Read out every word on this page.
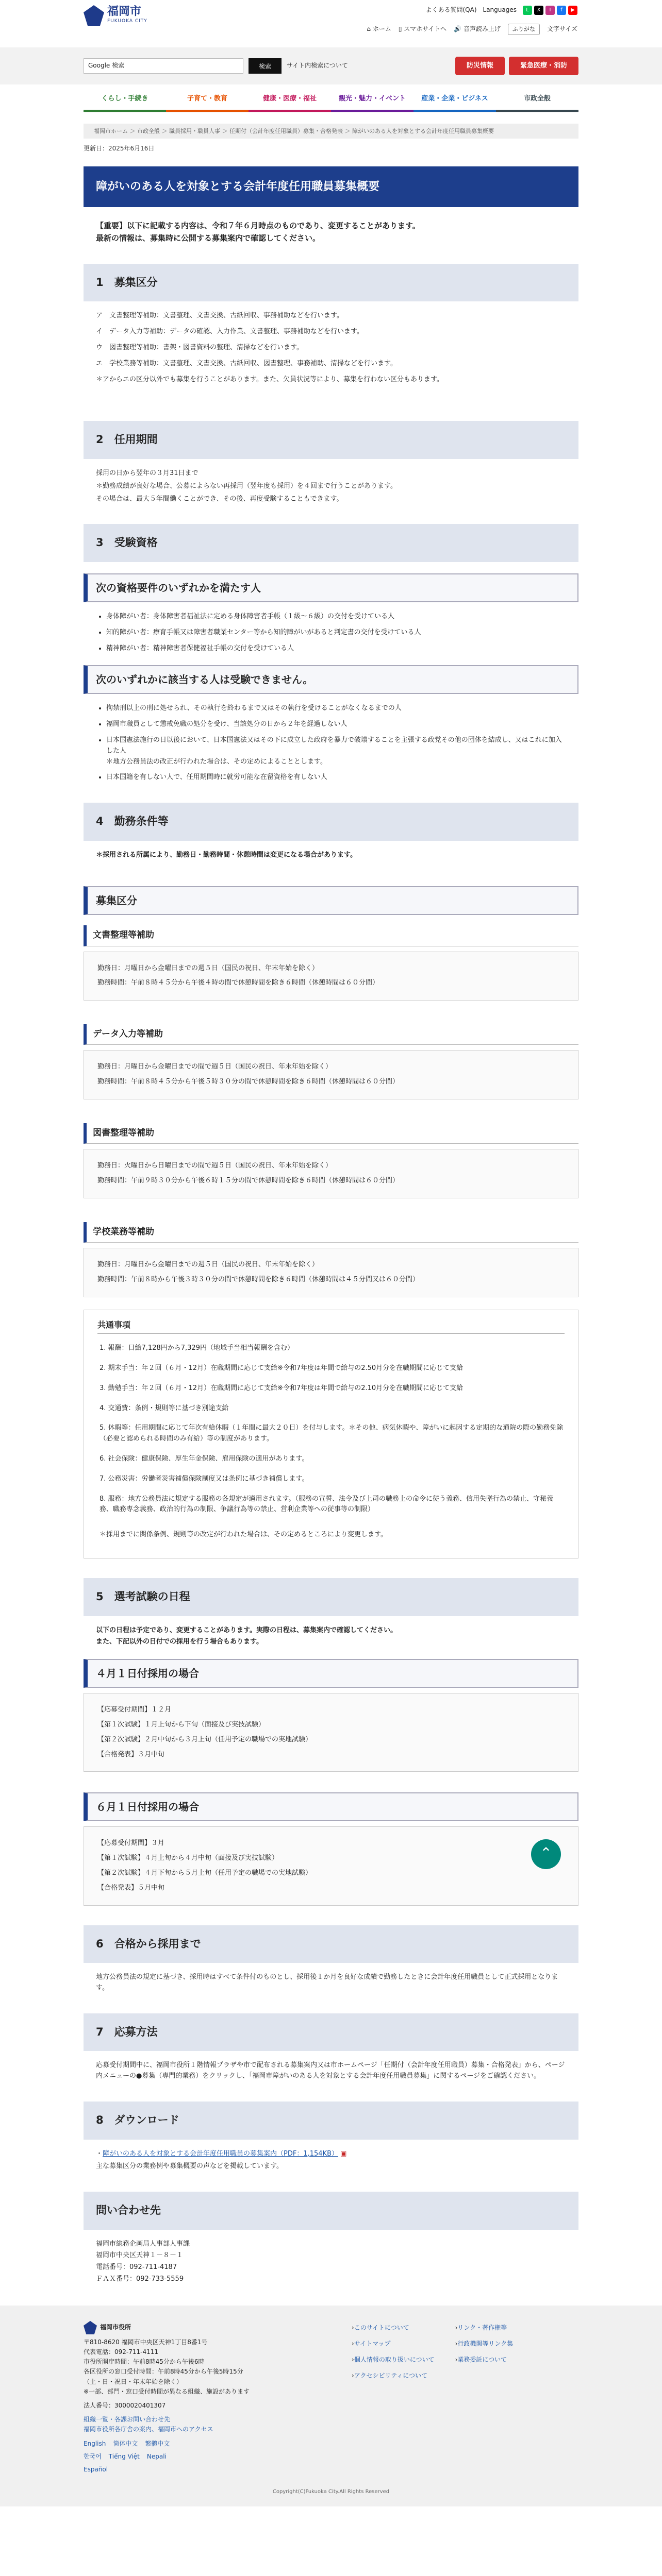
福岡市
FUKUOKA CITY
よくある質問(QA) Languages	L	X	I	f	▶
⌂ ホーム ▯ スマホサイトへ 🔊 音声読み上げ	ふりがな	文字サイズ
Google 検索	検索	サイト内検索について	防災情報	緊急医療・消防
くらし・手続き	子育て・教育	健康・医療・福祉	観光・魅力・イベント	産業・企業・ビジネス	市政全般
福岡市ホーム ＞ 市政全般 ＞ 職員採用・職員人事 ＞ 任期付（会計年度任用職員）募集・合格発表 ＞ 障がいのある人を対象とする会計年度任用職員募集概要
更新日：2025年6月16日
障がいのある人を対象とする会計年度任用職員募集概要

【重要】以下に記載する内容は、令和７年６月時点のものであり、変更することがあります。

最新の情報は、募集時に公開する募集案内で確認してください。

1　募集区分
ア　文書整理等補助：文書整理、文書交換、古紙回収、事務補助などを行います。
イ　データ入力等補助：データの確認、入力作業、文書整理、事務補助などを行います。
ウ　図書整理等補助：書架・図書資料の整理、清掃などを行います。
エ　学校業務等補助：文書整理、文書交換、古紙回収、図書整理、事務補助、清掃などを行います。
＊アからエの区分以外でも募集を行うことがあります。また、欠員状況等により、募集を行わない区分もあります。
2　任用期間

採用の日から翌年の３月31日まで

＊勤務成績が良好な場合、公募によらない再採用（翌年度も採用）を４回まで行うことがあります。

その場合は、最大５年間働くことができ、その後、再度受験することもできます。

3　受験資格
次の資格要件のいずれかを満たす人
• 身体障がい者：身体障害者福祉法に定める身体障害者手帳（１級〜６級）の交付を受けている人
• 知的障がい者：療育手帳又は障害者職業センター等から知的障がいがあると判定書の交付を受けている人
• 精神障がい者：精神障害者保健福祉手帳の交付を受けている人
次のいずれかに該当する人は受験できません。
• 拘禁刑以上の刑に処せられ、その執行を終わるまで又はその執行を受けることがなくなるまでの人
• 福岡市職員として懲戒免職の処分を受け、当該処分の日から２年を経過しない人
• 日本国憲法施行の日以後において、日本国憲法又はその下に成立した政府を暴力で破壊することを主張する政党その他の団体を結成し、又はこれに加入した人
＊地方公務員法の改正が行われた場合は、その定めによることとします。
• 日本国籍を有しない人で、任用期間時に就労可能な在留資格を有しない人
4　勤務条件等
＊採用される所属により、勤務日・勤務時間・休憩時間は変更になる場合があります。
募集区分
文書整理等補助

勤務日：月曜日から金曜日までの週５日（国民の祝日、年末年始を除く）

勤務時間：午前８時４５分から午後４時の間で休憩時間を除き６時間（休憩時間は６０分間）

データ入力等補助

勤務日：月曜日から金曜日までの間で週５日（国民の祝日、年末年始を除く）

勤務時間：午前８時４５分から午後５時３０分の間で休憩時間を除き６時間（休憩時間は６０分間）

図書整理等補助

勤務日：火曜日から日曜日までの間で週５日（国民の祝日、年末年始を除く）

勤務時間：午前９時３０分から午後６時１５分の間で休憩時間を除き６時間（休憩時間は６０分間）

学校業務等補助

勤務日：月曜日から金曜日までの週５日（国民の祝日、年末年始を除く）

勤務時間：午前８時から午後３時３０分の間で休憩時間を除き６時間（休憩時間は４５分間又は６０分間）

共通事項
1. 報酬：日給7,128円から7,329円（地域手当相当報酬を含む）
2. 期末手当：年２回（６月・12月）在職期間に応じて支給※令和7年度は年間で給与の2.50月分を在職期間に応じて支給
3. 勤勉手当：年２回（６月・12月）在職期間に応じて支給※令和7年度は年間で給与の2.10月分を在職期間に応じて支給
4. 交通費：条例・規則等に基づき別途支給
5. 休暇等：任用期間に応じて年次有給休暇（１年間に最大２０日）を付与します。＊その他、病気休暇や、障がいに起因する定期的な通院の際の勤務免除（必要と認められる時間のみ有給）等の制度があります。
6. 社会保険：健康保険、厚生年金保険、雇用保険の適用があります。
7. 公務災害：労働者災害補償保険制度又は条例に基づき補償します。
8. 服務：地方公務員法に規定する服務の各規定が適用されます。（服務の宣誓、法令及び上司の職務上の命令に従う義務、信用失墜行為の禁止、守秘義務、職務専念義務、政治的行為の制限、争議行為等の禁止、営利企業等への従事等の制限）
＊採用までに関係条例、規則等の改定が行われた場合は、その定めるところにより変更します。
5　選考試験の日程

以下の日程は予定であり、変更することがあります。実際の日程は、募集案内で確認してください。

また、下記以外の日付での採用を行う場合もあります。

４月１日付採用の場合

【応募受付期間】１２月

【第１次試験】１月上旬から下旬（面接及び実技試験）

【第２次試験】２月中旬から３月上旬（任用予定の職場での実地試験）

【合格発表】３月中旬

６月１日付採用の場合

【応募受付期間】３月

【第１次試験】４月上旬から４月中旬（面接及び実技試験）

【第２次試験】４月下旬から５月上旬（任用予定の職場での実地試験）

【合格発表】５月中旬

6　合格から採用まで
地方公務員法の規定に基づき、採用時はすべて条件付のものとし、採用後１か月を良好な成績で勤務したときに会計年度任用職員として正式採用となります。
7　応募方法
応募受付期間中に、福岡市役所１階情報プラザや市で配布される募集案内又は市ホームページ「任期付（会計年度任用職員）募集・合格発表」から、ページ内メニューの●募集（専門的業務）をクリックし、「福岡市障がいのある人を対象とする会計年度任用職員募集」に関するページをご確認ください。
8　ダウンロード

・障がいのある人を対象とする会計年度任用職員の募集案内（PDF：1,154KB） ▣

主な募集区分の業務例や募集概要の声などを掲載しています。

問い合わせ先

福岡市総務企画局人事部人事課

福岡市中央区天神１－８－１

電話番号：092-711-4187

ＦＡＸ番号：092-733-5559

⌃
福岡市役所

〒810-8620 福岡市中央区天神1丁目8番1号

代表電話：092-711-4111

市役所開庁時間：午前8時45分から午後6時

各区役所の窓口受付時間：午前8時45分から午後5時15分

（土・日・祝日・年末年始を除く）

※一部、部門・窓口受付時間が異なる組織、施設があります

法人番号：3000020401307

組織一覧・各課お問い合わせ先

福岡市役所各庁舎の案内、福岡市へのアクセス

English 简体中文 繁體中文
한국어 Tiếng Việt Nepali
Español
›このサイトについて
›サイトマップ
›個人情報の取り扱いについて
›アクセシビリティについて
›リンク・著作権等
›行政機関等リンク集
›業務委託について
Copyright(C)Fukuoka City.All Rights Reserved
